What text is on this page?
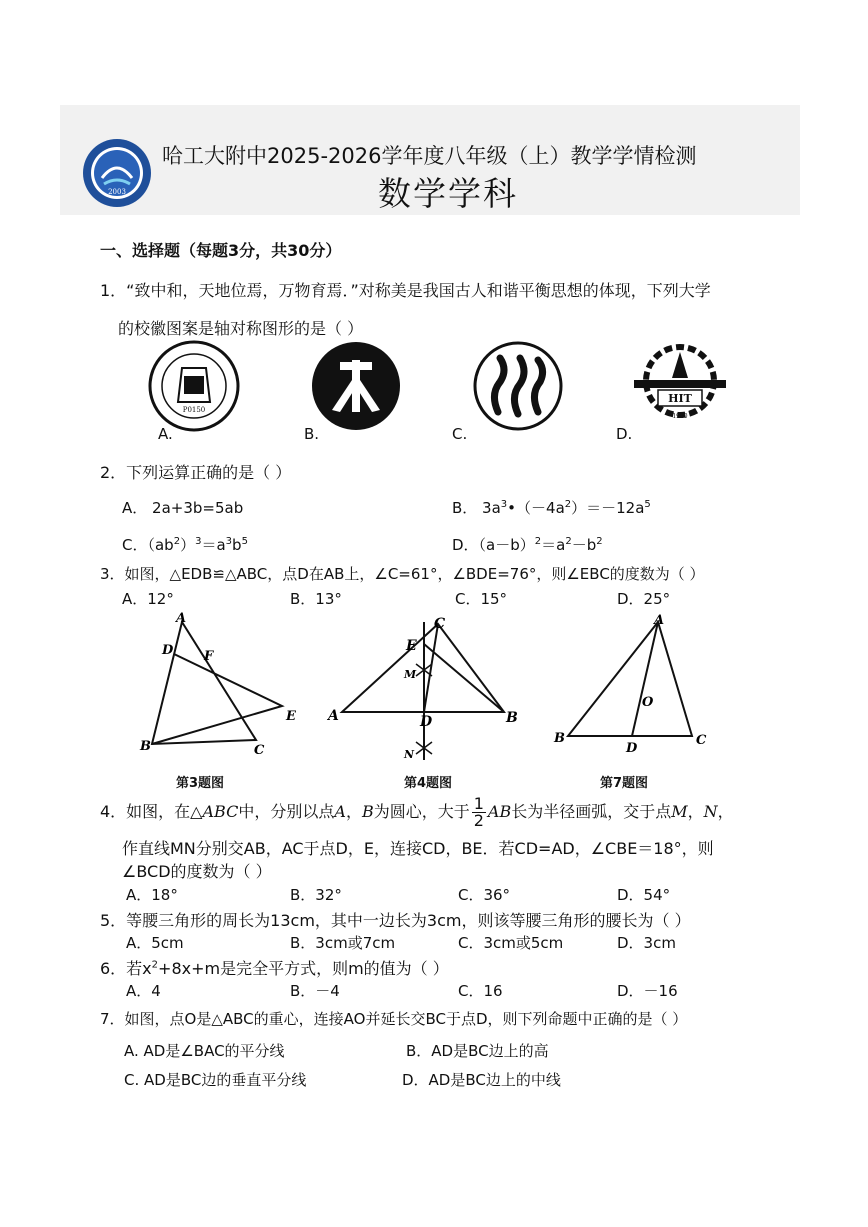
2003
哈工大附中2025-2026学年度八年级（上）教学学情检测
数学学科
一、选择题（每题3分，共30分）
1．“致中和，天地位焉，万物育焉．”对称美是我国古人和谐平衡思想的体现，下列大学
的校徽图案是轴对称图形的是（ ）
P0150
HIT
1920
A.	B.	C.	D.
2．下列运算正确的是（ ）
A． 2a+3b=5ab	B． $3a^3•(-4a^2)=-12a^5$
C．$(ab^2)^3=a^3b^5$	D．$(a-b)^2=a^2-b^2$
3．如图，△EDB≌△ABC，点D在AB上，∠C=61°，∠BDE=76°，则∠EBC的度数为（ ）
A．12°	B．13°	C．15°	D．25°
A
D F
E
B	C
A
C
E
M
D	B
N
A
O
B
D
C
第3题图	第4题图	第7题图
4．如图，在△ABC中，分别以点A，B为圆心，大于 $\frac{1}{2}$ AB长为半径画弧，交于点M，N，
作直线MN分别交AB，AC于点D，E，连接CD，BE．若CD=AD，∠CBE＝18°，则
∠BCD的度数为（ ）
A．18°	B．32°	C．36°	D．54°
5．等腰三角形的周长为13cm，其中一边长为3cm，则该等腰三角形的腰长为（ ）
A．5cm	B．3cm或7cm	C．3cm或5cm	D．3cm
6．若$x^2+8x+m$是完全平方式，则m的值为（ ）
A．4	B．－4	C．16	D．－16
7．如图，点O是△ABC的重心，连接AO并延长交BC于点D，则下列命题中正确的是（ ）
A. AD是∠BAC的平分线	B．AD是BC边上的高
C. AD是BC边的垂直平分线	D．AD是BC边上的中线
